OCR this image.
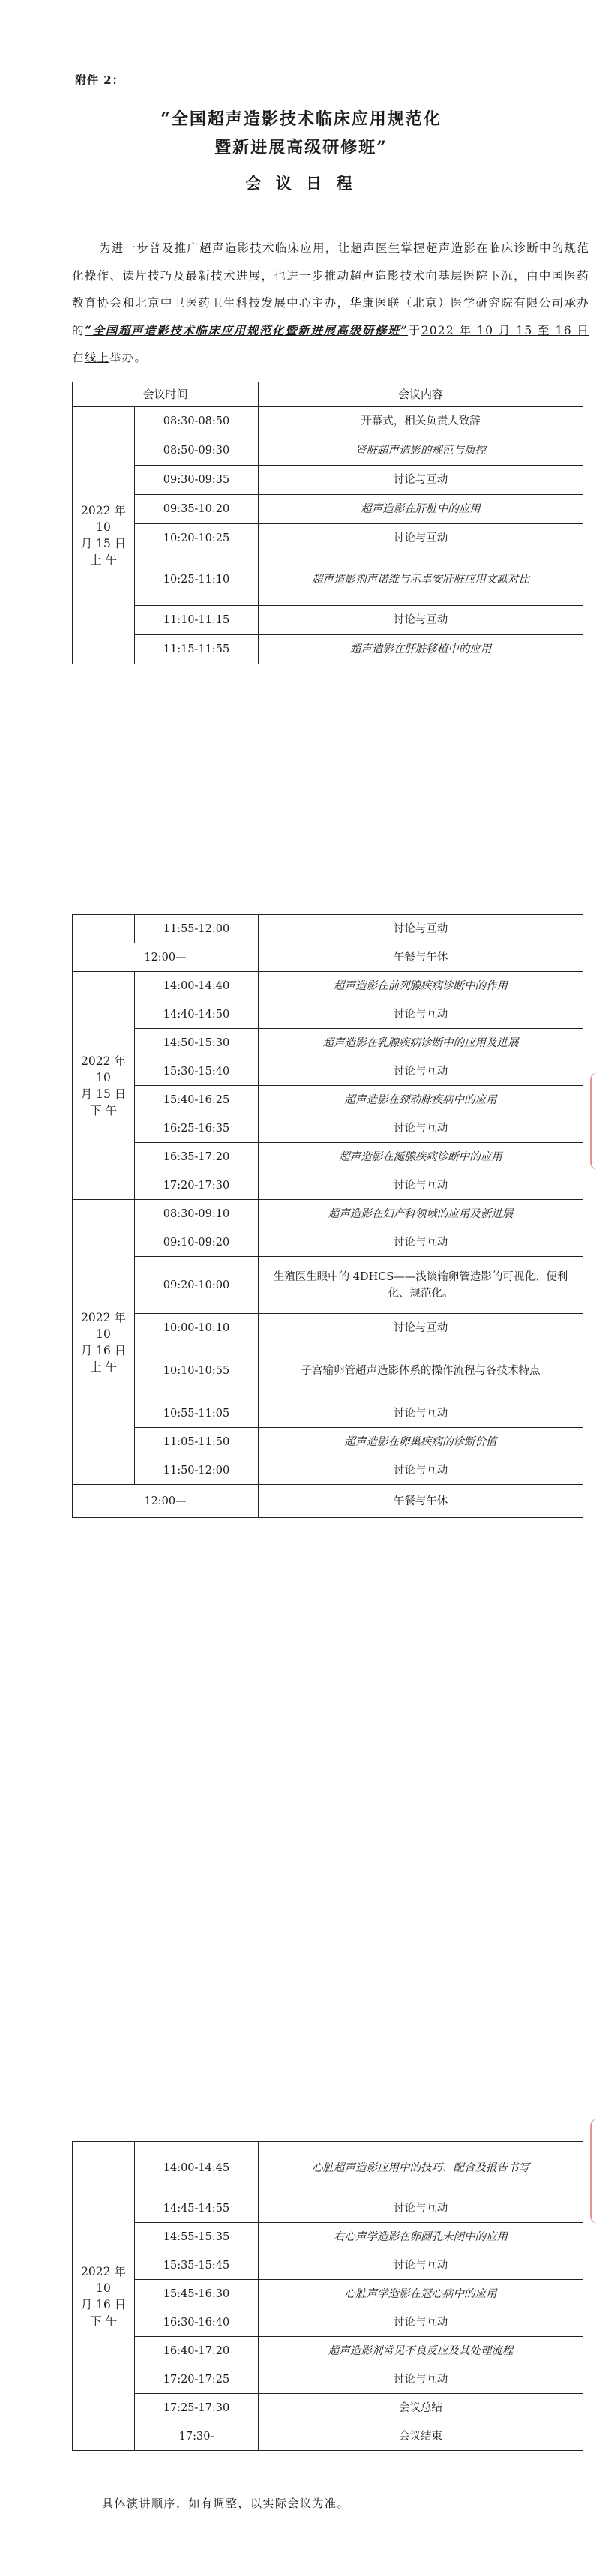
附件 2：
“全国超声造影技术临床应用规范化
暨新进展高级研修班”
会 议 日 程
为进一步普及推广超声造影技术临床应用，让超声医生掌握超声造影在临床诊断中的规范化操作、读片技巧及最新技术进展，也进一步推动超声造影技术向基层医院下沉，由中国医药教育协会和北京中卫医药卫生科技发展中心主办，华康医联（北京）医学研究院有限公司承办的“全国超声造影技术临床应用规范化暨新进展高级研修班”于2022 年 10 月 15 至 16 日在线上举办。
会议时间		会议内容
2022 年 10
月 15 日
上 午	08:30-08:50	开幕式，相关负责人致辞
	08:50-09:30	肾脏超声造影的规范与质控
	09:30-09:35	讨论与互动
	09:35-10:20	超声造影在肝脏中的应用
	10:20-10:25	讨论与互动
	10:25-11:10	超声造影剂声诺维与示卓安肝脏应用文献对比
	11:10-11:15	讨论与互动
	11:15-11:55	超声造影在肝脏移植中的应用
	11:55-12:00	讨论与互动
12:00—		午餐与午休
2022 年 10
月 15 日
下 午	14:00-14:40	超声造影在前列腺疾病诊断中的作用
	14:40-14:50	讨论与互动
	14:50-15:30	超声造影在乳腺疾病诊断中的应用及进展
	15:30-15:40	讨论与互动
	15:40-16:25	超声造影在颈动脉疾病中的应用
	16:25-16:35	讨论与互动
	16:35-17:20	超声造影在涎腺疾病诊断中的应用
	17:20-17:30	讨论与互动
2022 年 10
月 16 日
上 午	08:30-09:10	超声造影在妇产科领域的应用及新进展
	09:10-09:20	讨论与互动
	09:20-10:00	生殖医生眼中的 4DHCS——浅谈输卵管造影的可视化、便利化、规范化。
	10:00-10:10	讨论与互动
	10:10-10:55	子宫输卵管超声造影体系的操作流程与各技术特点
	10:55-11:05	讨论与互动
	11:05-11:50	超声造影在卵巢疾病的诊断价值
	11:50-12:00	讨论与互动
12:00—		午餐与午休
2022 年 10
月 16 日
下 午	14:00-14:45	心脏超声造影应用中的技巧、配合及报告书写
	14:45-14:55	讨论与互动
	14:55-15:35	右心声学造影在卵圆孔未闭中的应用
	15:35-15:45	讨论与互动
	15:45-16:30	心脏声学造影在冠心病中的应用
	16:30-16:40	讨论与互动
	16:40-17:20	超声造影剂常见不良反应及其处理流程
	17:20-17:25	讨论与互动
	17:25-17:30	会议总结
	17:30-	会议结束
具体演讲顺序，如有调整，以实际会议为准。
